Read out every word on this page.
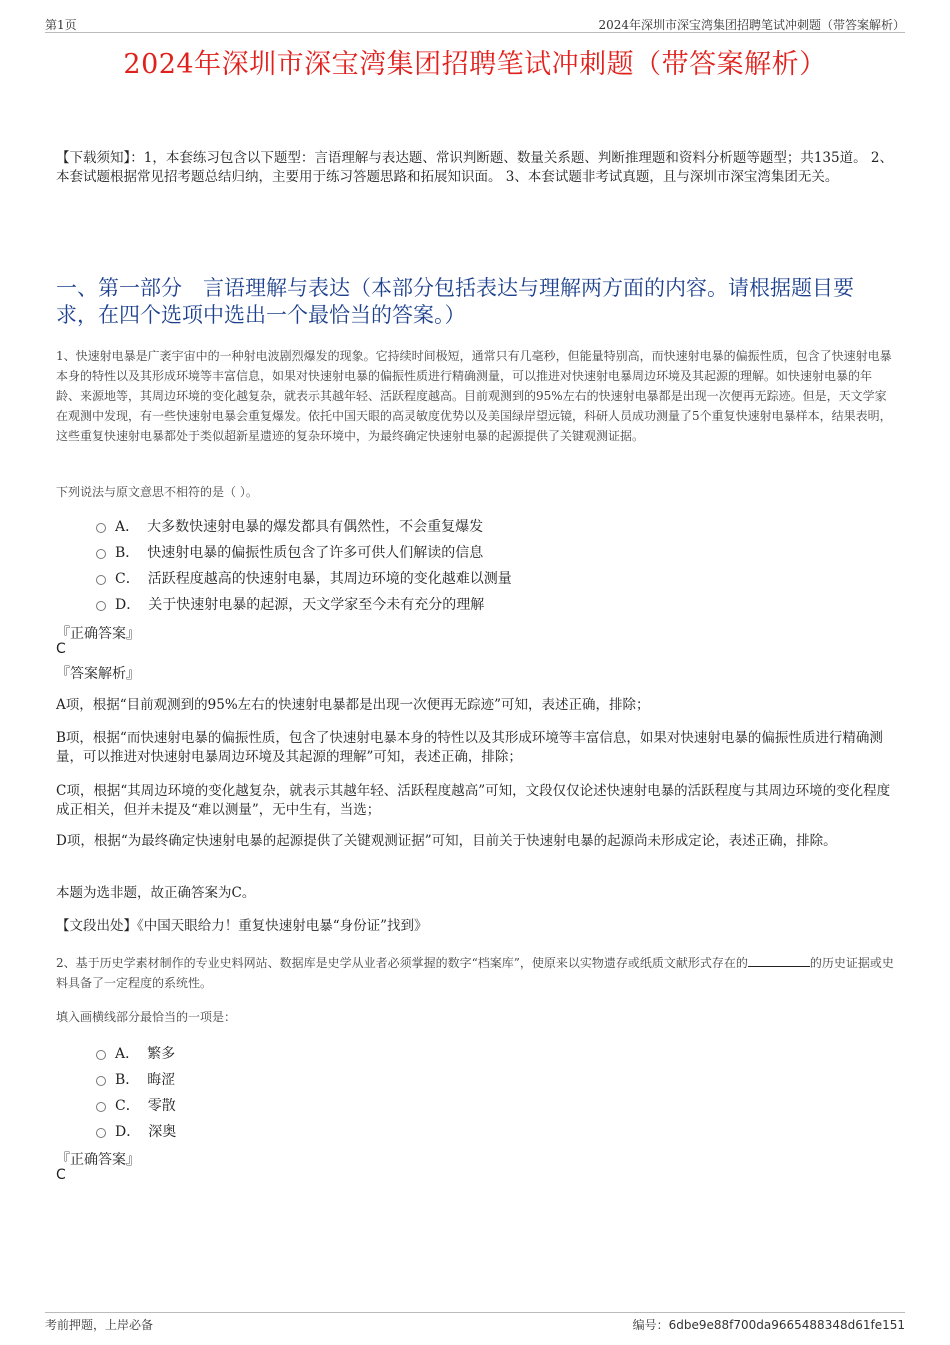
第1页	2024年深圳市深宝湾集团招聘笔试冲刺题（带答案解析）
2024年深圳市深宝湾集团招聘笔试冲刺题（带答案解析）
【下载须知】：1，本套练习包含以下题型：言语理解与表达题、常识判断题、数量关系题、判断推理题和资料分析题等题型；共135道。 2、本套试题根据常见招考题总结归纳，主要用于练习答题思路和拓展知识面。 3、本套试题非考试真题，且与深圳市深宝湾集团无关。
一、第一部分　言语理解与表达（本部分包括表达与理解两方面的内容。请根据题目要求，在四个选项中选出一个最恰当的答案。）
1、快速射电暴是广袤宇宙中的一种射电波剧烈爆发的现象。它持续时间极短，通常只有几毫秒，但能量特别高，而快速射电暴的偏振性质，包含了快速射电暴本身的特性以及其形成环境等丰富信息，如果对快速射电暴的偏振性质进行精确测量，可以推进对快速射电暴周边环境及其起源的理解。如快速射电暴的年龄、来源地等，其周边环境的变化越复杂，就表示其越年轻、活跃程度越高。目前观测到的95%左右的快速射电暴都是出现一次便再无踪迹。但是，天文学家在观测中发现，有一些快速射电暴会重复爆发。依托中国天眼的高灵敏度优势以及美国绿岸望远镜，科研人员成功测量了5个重复快速射电暴样本，结果表明，这些重复快速射电暴都处于类似超新星遗迹的复杂环境中，为最终确定快速射电暴的起源提供了关键观测证据。
下列说法与原文意思不相符的是（ ）。
A． 大多数快速射电暴的爆发都具有偶然性，不会重复爆发
B． 快速射电暴的偏振性质包含了许多可供人们解读的信息
C． 活跃程度越高的快速射电暴，其周边环境的变化越难以测量
D． 关于快速射电暴的起源，天文学家至今未有充分的理解
『正确答案』
C
『答案解析』
A项，根据“目前观测到的95%左右的快速射电暴都是出现一次便再无踪迹”可知，表述正确，排除；
B项，根据“而快速射电暴的偏振性质，包含了快速射电暴本身的特性以及其形成环境等丰富信息，如果对快速射电暴的偏振性质进行精确测量，可以推进对快速射电暴周边环境及其起源的理解”可知，表述正确，排除；
C项，根据“其周边环境的变化越复杂，就表示其越年轻、活跃程度越高”可知，文段仅仅论述快速射电暴的活跃程度与其周边环境的变化程度成正相关，但并未提及“难以测量”，无中生有，当选；
D项，根据“为最终确定快速射电暴的起源提供了关键观测证据”可知，目前关于快速射电暴的起源尚未形成定论，表述正确，排除。
本题为选非题，故正确答案为C。
【文段出处】《中国天眼给力！重复快速射电暴“身份证”找到》
2、基于历史学素材制作的专业史料网站、数据库是史学从业者必须掌握的数字“档案库”，使原来以实物遗存或纸质文献形式存在的	的历史证据或史料具备了一定程度的系统性。
填入画横线部分最恰当的一项是：
A． 繁多
B． 晦涩
C． 零散
D． 深奥
『正确答案』
C
考前押题，上岸必备	编号：6dbe9e88f700da9665488348d61fe151
